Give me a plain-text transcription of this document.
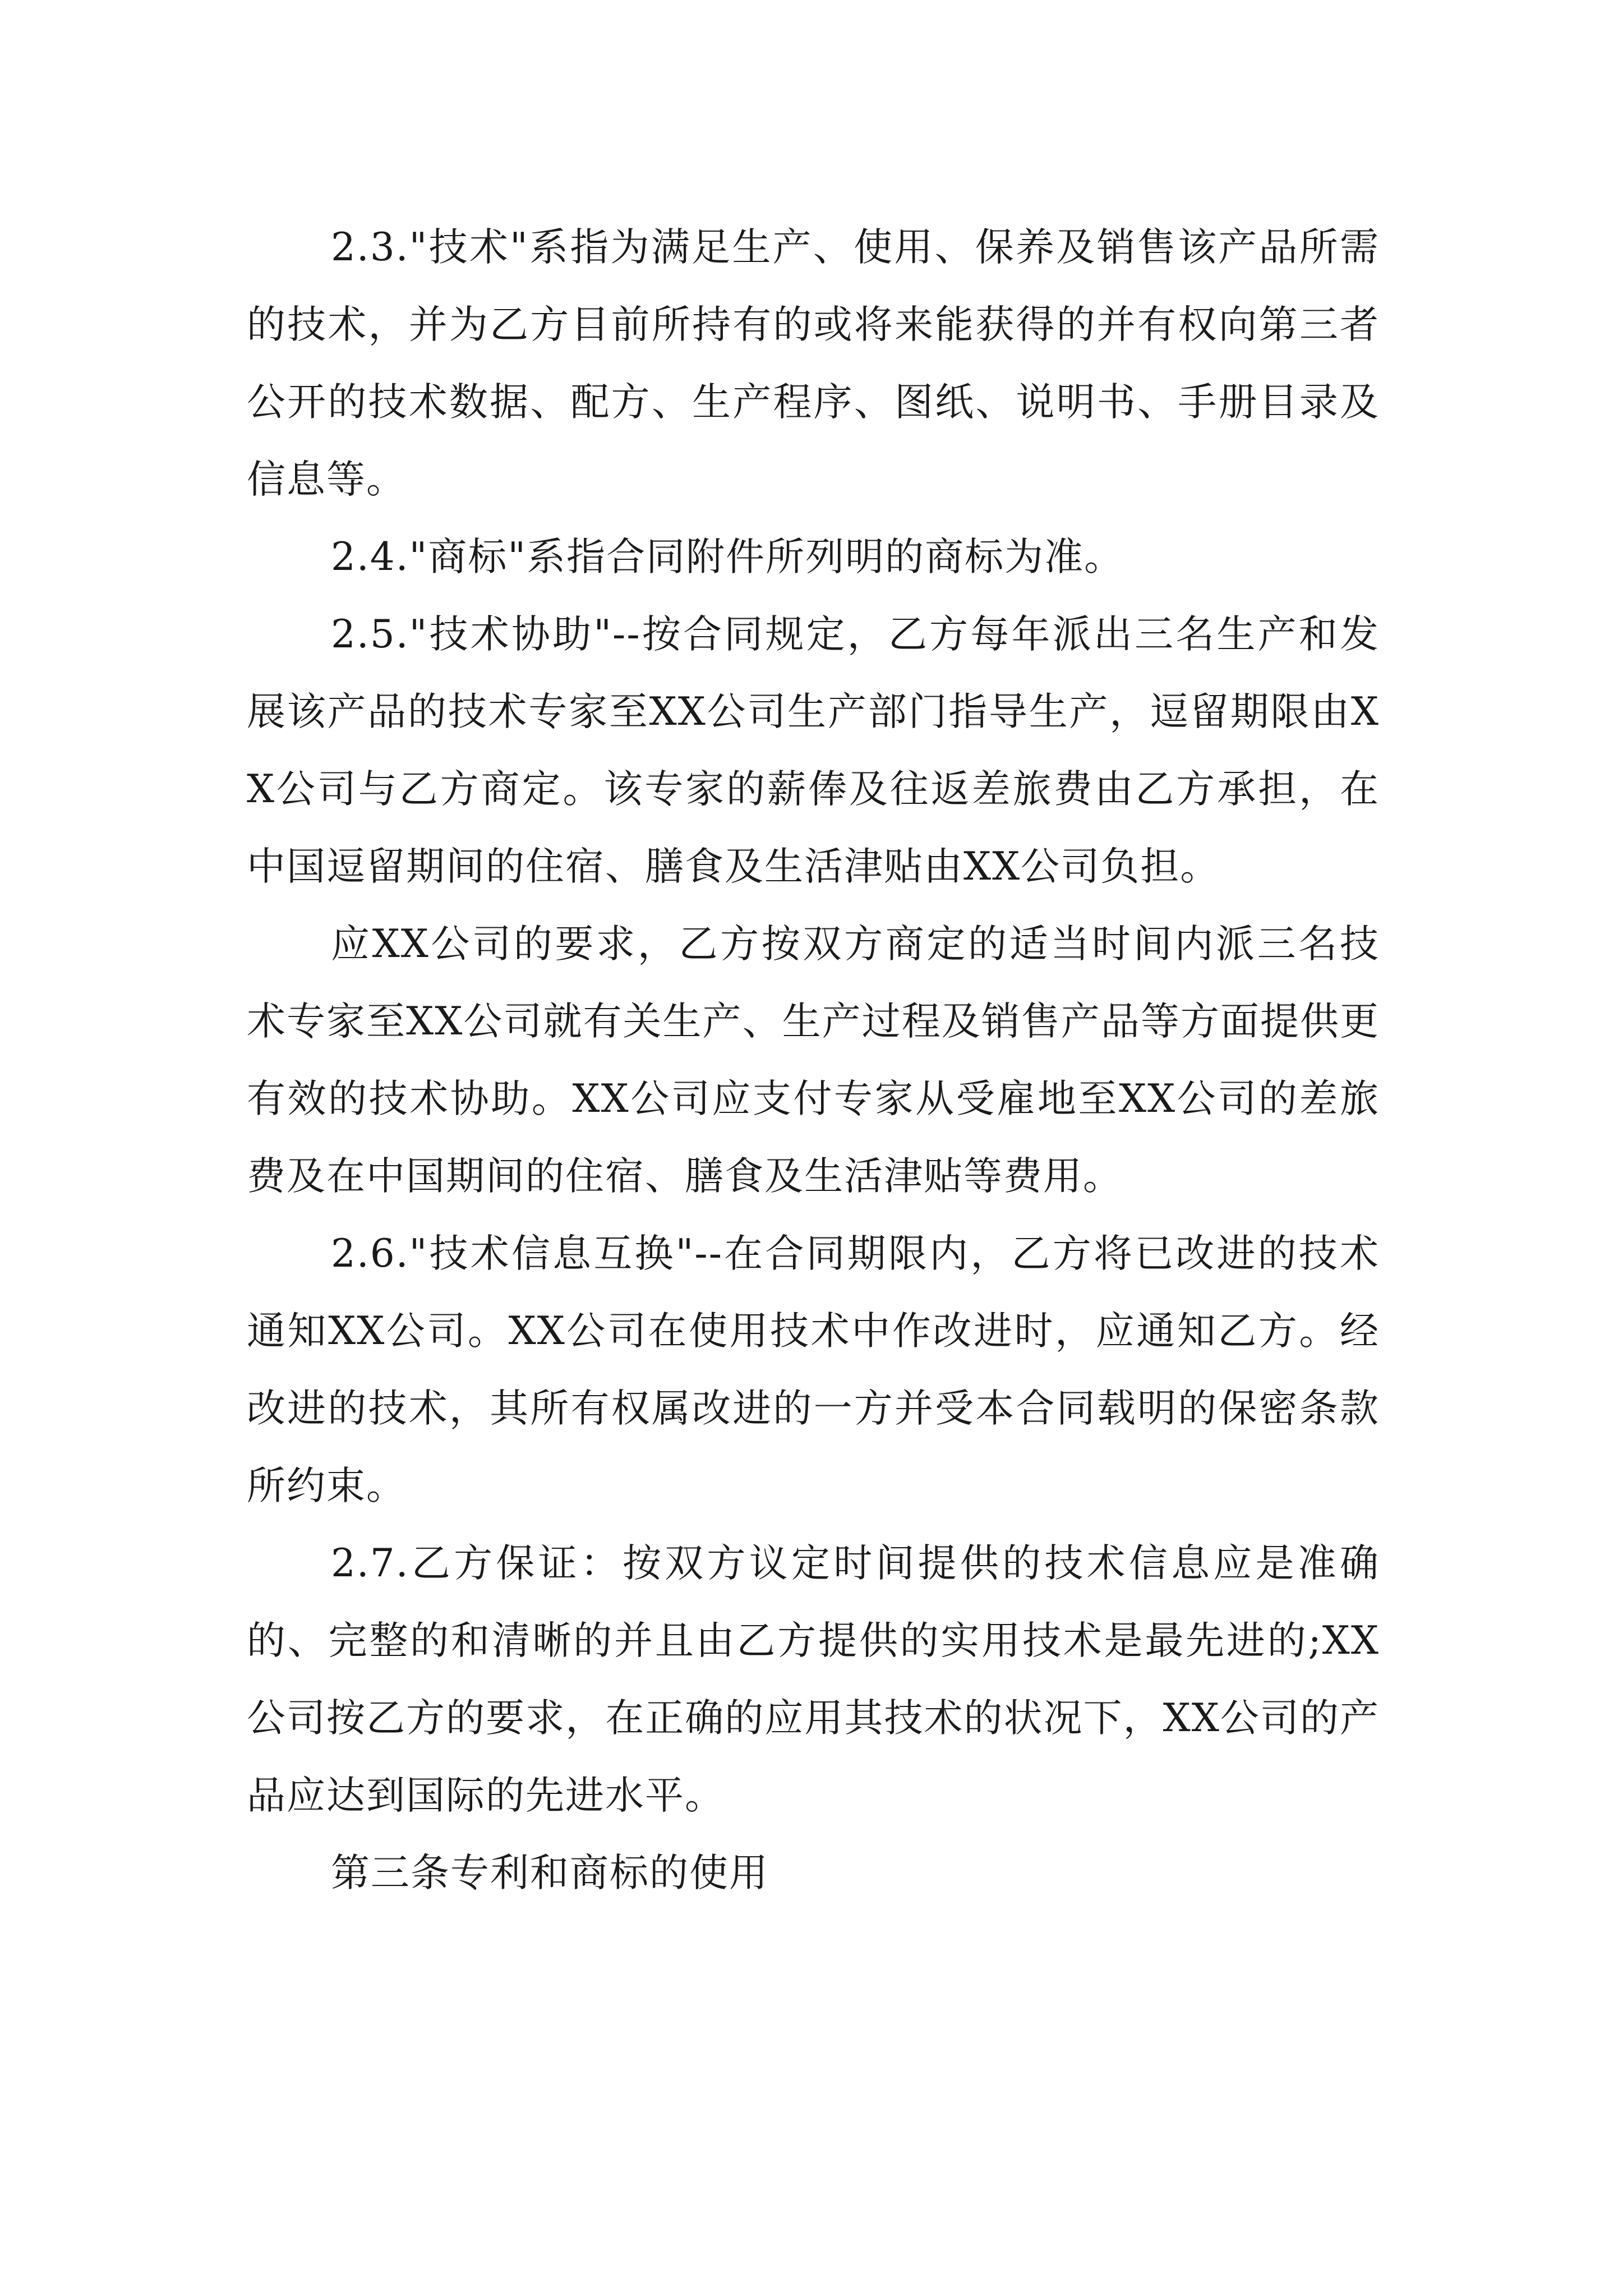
2.3."技术"系指为满足生产、使用、保养及销售该产品所需的技术，并为乙方目前所持有的或将来能获得的并有权向第三者公开的技术数据、配方、生产程序、图纸、说明书、手册目录及信息等。

2.4."商标"系指合同附件所列明的商标为准。

2.5."技术协助"--按合同规定，乙方每年派出三名生产和发展该产品的技术专家至XX公司生产部门指导生产，逗留期限由XX公司与乙方商定。该专家的薪俸及往返差旅费由乙方承担，在中国逗留期间的住宿、膳食及生活津贴由XX公司负担。

应XX公司的要求，乙方按双方商定的适当时间内派三名技术专家至XX公司就有关生产、生产过程及销售产品等方面提供更有效的技术协助。XX公司应支付专家从受雇地至XX公司的差旅费及在中国期间的住宿、膳食及生活津贴等费用。

2.6."技术信息互换"--在合同期限内，乙方将已改进的技术通知XX公司。XX公司在使用技术中作改进时，应通知乙方。经改进的技术，其所有权属改进的一方并受本合同载明的保密条款所约束。

2.7.乙方保证：按双方议定时间提供的技术信息应是准确的、完整的和清晰的并且由乙方提供的实用技术是最先进的;XX公司按乙方的要求，在正确的应用其技术的状况下，XX公司的产品应达到国际的先进水平。

第三条专利和商标的使用
